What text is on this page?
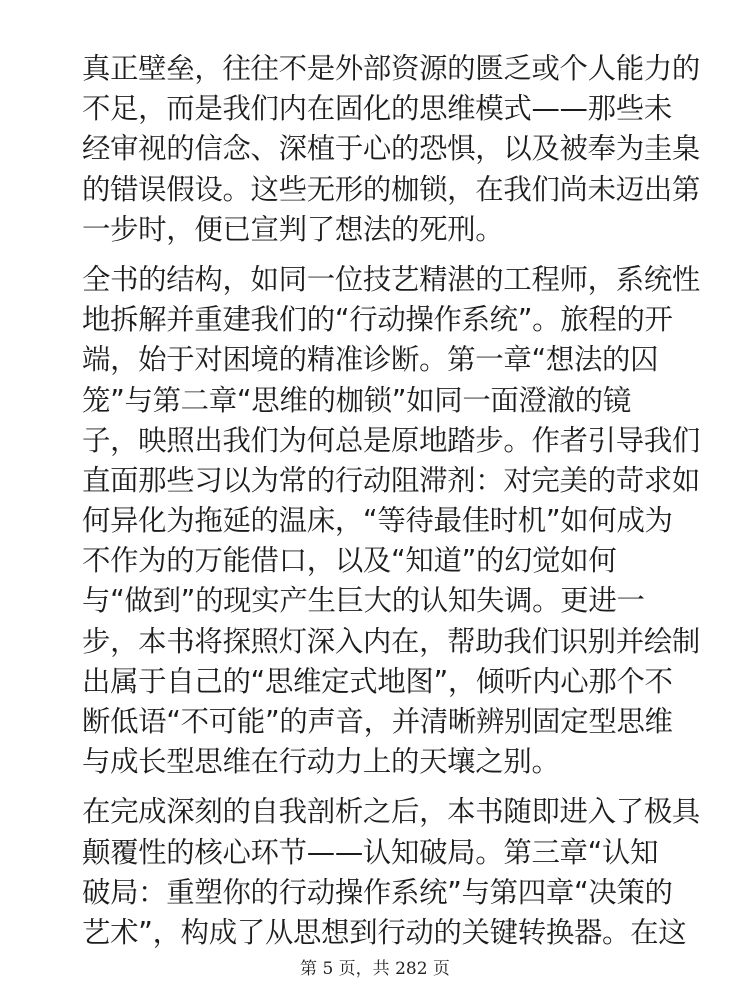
真正壁垒，往往不是外部资源的匮乏或个人能力的
不足，而是我们内在固化的思维模式——那些未
经审视的信念、深植于心的恐惧，以及被奉为圭臬
的错误假设。这些无形的枷锁，在我们尚未迈出第
一步时，便已宣判了想法的死刑。
全书的结构，如同一位技艺精湛的工程师，系统性
地拆解并重建我们的“行动操作系统”。旅程的开
端，始于对困境的精准诊断。第一章“想法的囚
笼”与第二章“思维的枷锁”如同一面澄澈的镜
子，映照出我们为何总是原地踏步。作者引导我们
直面那些习以为常的行动阻滞剂：对完美的苛求如
何异化为拖延的温床，“等待最佳时机”如何成为
不作为的万能借口，以及“知道”的幻觉如何
与“做到”的现实产生巨大的认知失调。更进一
步，本书将探照灯深入内在，帮助我们识别并绘制
出属于自己的“思维定式地图”，倾听内心那个不
断低语“不可能”的声音，并清晰辨别固定型思维
与成长型思维在行动力上的天壤之别。
在完成深刻的自我剖析之后，本书随即进入了极具
颠覆性的核心环节——认知破局。第三章“认知
破局：重塑你的行动操作系统”与第四章“决策的
艺术”，构成了从思想到行动的关键转换器。在这
第 5 页，共 282 页
